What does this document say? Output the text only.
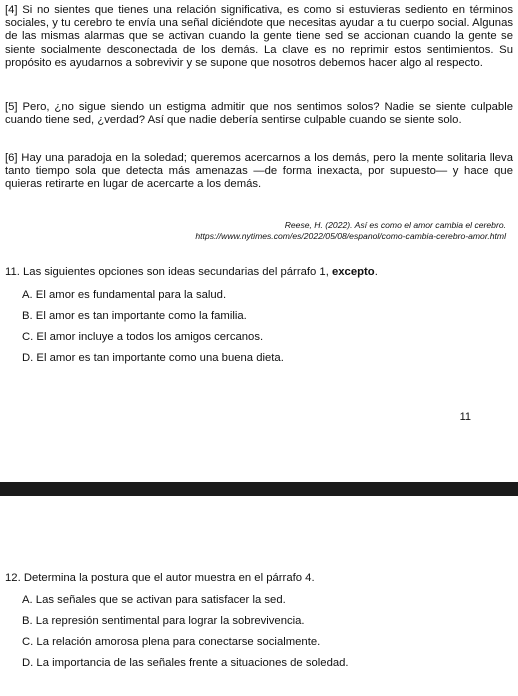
[4] Si no sientes que tienes una relación significativa, es como si estuvieras sediento en términos sociales, y tu cerebro te envía una señal diciéndote que necesitas ayudar a tu cuerpo social. Algunas de las mismas alarmas que se activan cuando la gente tiene sed se accionan cuando la gente se siente socialmente desconectada de los demás. La clave es no reprimir estos sentimientos. Su propósito es ayudarnos a sobrevivir y se supone que nosotros debemos hacer algo al respecto.

[5] Pero, ¿no sigue siendo un estigma admitir que nos sentimos solos? Nadie se siente culpable cuando tiene sed, ¿verdad? Así que nadie debería sentirse culpable cuando se siente solo.

[6] Hay una paradoja en la soledad; queremos acercarnos a los demás, pero la mente solitaria lleva tanto tiempo sola que detecta más amenazas —de forma inexacta, por supuesto— y hace que quieras retirarte en lugar de acercarte a los demás.

Reese, H. (2022). Así es como el amor cambia el cerebro.
https://www.nytimes.com/es/2022/05/08/espanol/como-cambia-cerebro-amor.html
11. Las siguientes opciones son ideas secundarias del párrafo 1, excepto.
A. El amor es fundamental para la salud.
B. El amor es tan importante como la familia.
C. El amor incluye a todos los amigos cercanos.
D. El amor es tan importante como una buena dieta.
11
12. Determina la postura que el autor muestra en el párrafo 4.
A. Las señales que se activan para satisfacer la sed.
B. La represión sentimental para lograr la sobrevivencia.
C. La relación amorosa plena para conectarse socialmente.
D. La importancia de las señales frente a situaciones de soledad.
